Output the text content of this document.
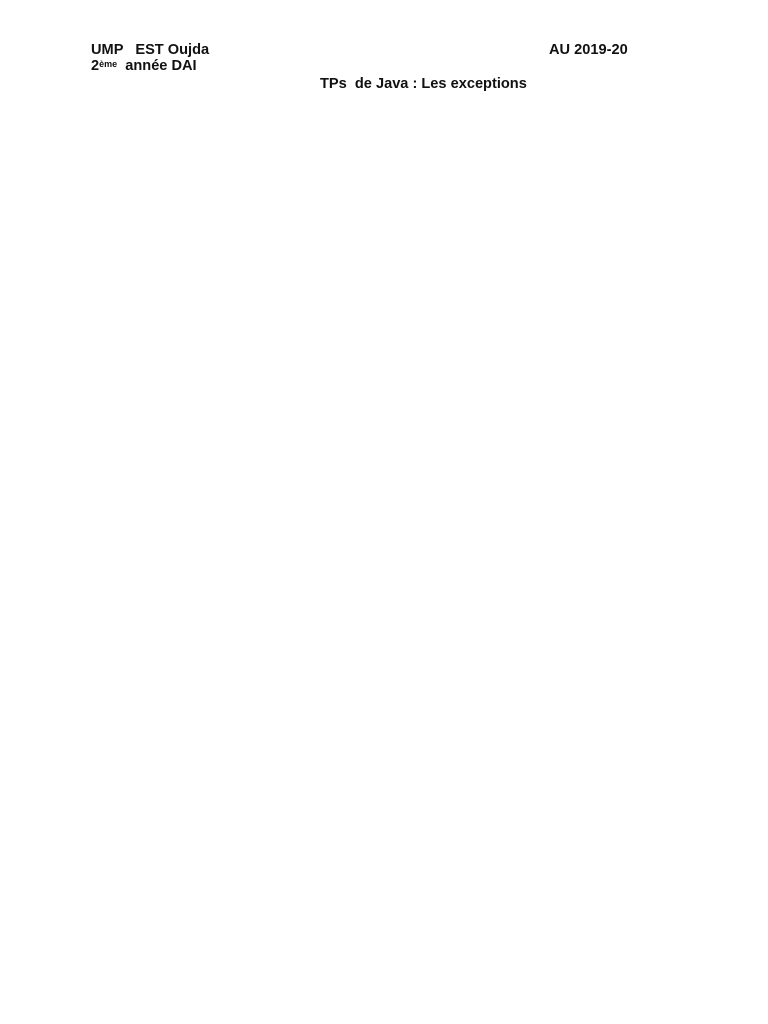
UMP   EST Oujda
2ème  année DAI
AU 2019-20
TPs  de Java : Les exceptions
